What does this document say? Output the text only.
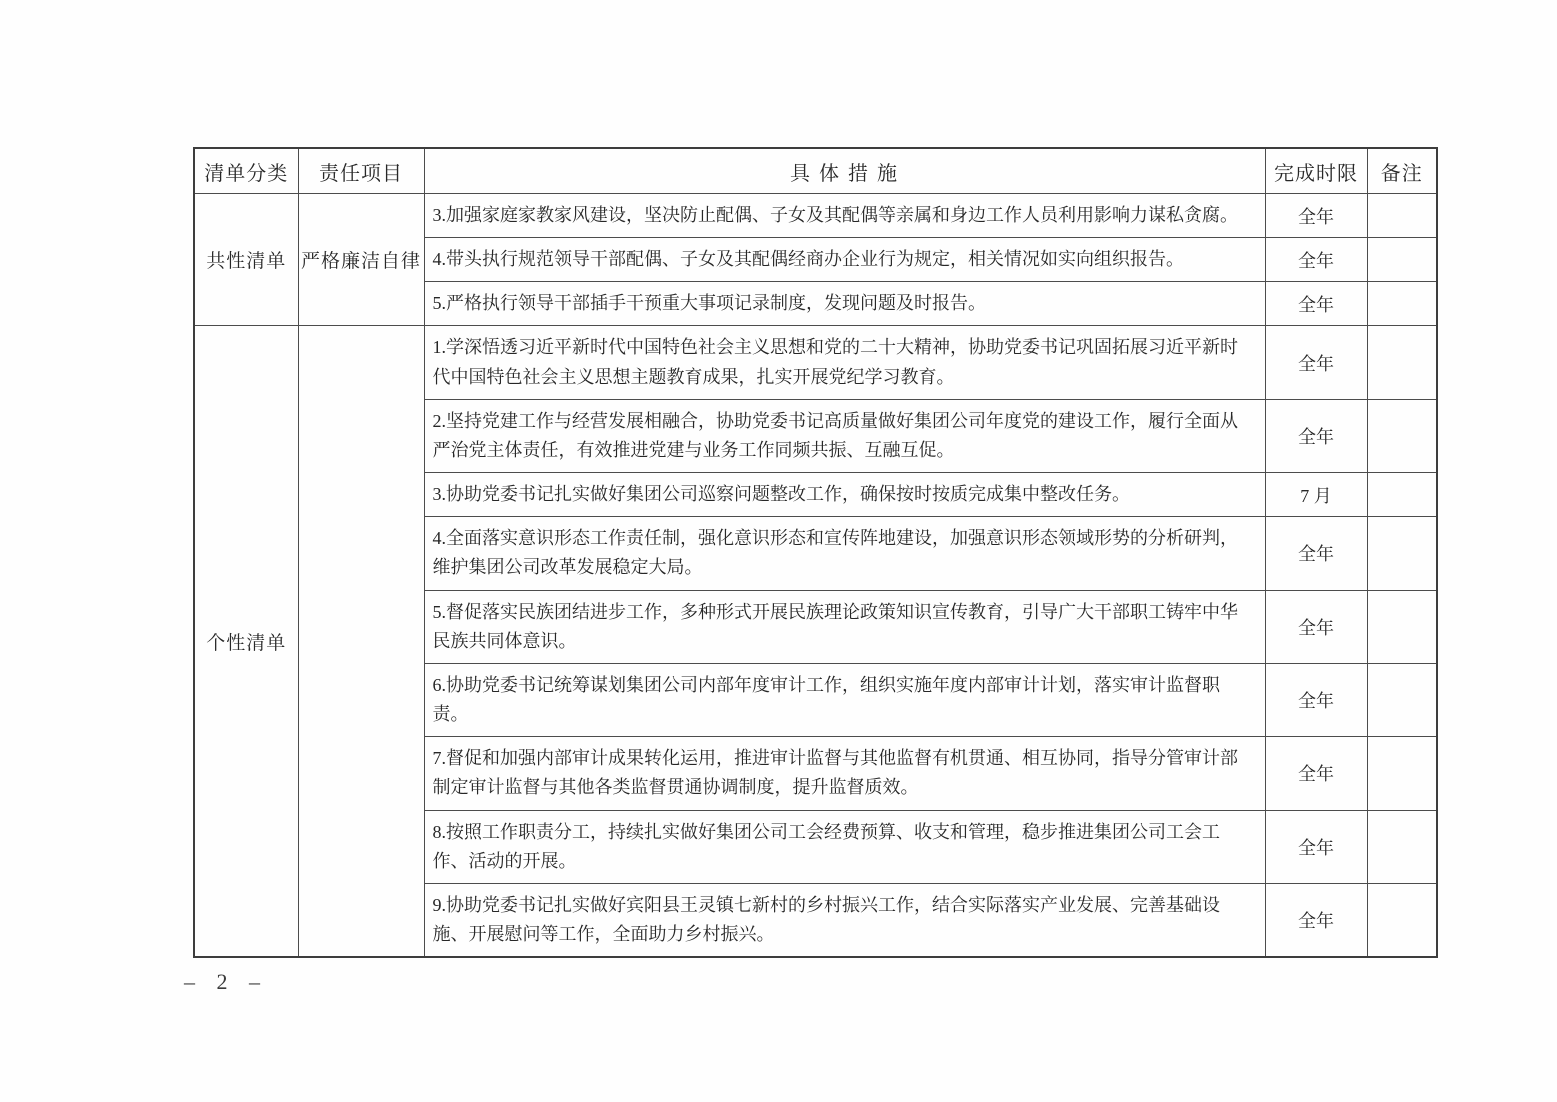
清单分类	责任项目	具 体 措 施	完成时限	备注
共性清单	严格廉洁自律	3.加强家庭家教家风建设，坚决防止配偶、子女及其配偶等亲属和身边工作人员利用影响力谋私贪腐。	全年	
		4.带头执行规范领导干部配偶、子女及其配偶经商办企业行为规定，相关情况如实向组织报告。	全年	
		5.严格执行领导干部插手干预重大事项记录制度，发现问题及时报告。	全年	
个性清单		1.学深悟透习近平新时代中国特色社会主义思想和党的二十大精神，协助党委书记巩固拓展习近平新时代中国特色社会主义思想主题教育成果，扎实开展党纪学习教育。	全年	
		2.坚持党建工作与经营发展相融合，协助党委书记高质量做好集团公司年度党的建设工作，履行全面从严治党主体责任，有效推进党建与业务工作同频共振、互融互促。	全年	
		3.协助党委书记扎实做好集团公司巡察问题整改工作，确保按时按质完成集中整改任务。	7 月	
		4.全面落实意识形态工作责任制，强化意识形态和宣传阵地建设，加强意识形态领域形势的分析研判，维护集团公司改革发展稳定大局。	全年	
		5.督促落实民族团结进步工作，多种形式开展民族理论政策知识宣传教育，引导广大干部职工铸牢中华民族共同体意识。	全年	
		6.协助党委书记统筹谋划集团公司内部年度审计工作，组织实施年度内部审计计划，落实审计监督职责。	全年	
		7.督促和加强内部审计成果转化运用，推进审计监督与其他监督有机贯通、相互协同，指导分管审计部制定审计监督与其他各类监督贯通协调制度，提升监督质效。	全年	
		8.按照工作职责分工，持续扎实做好集团公司工会经费预算、收支和管理，稳步推进集团公司工会工作、活动的开展。	全年	
		9.协助党委书记扎实做好宾阳县王灵镇七新村的乡村振兴工作，结合实际落实产业发展、完善基础设施、开展慰问等工作，全面助力乡村振兴。	全年	
– 2 –
